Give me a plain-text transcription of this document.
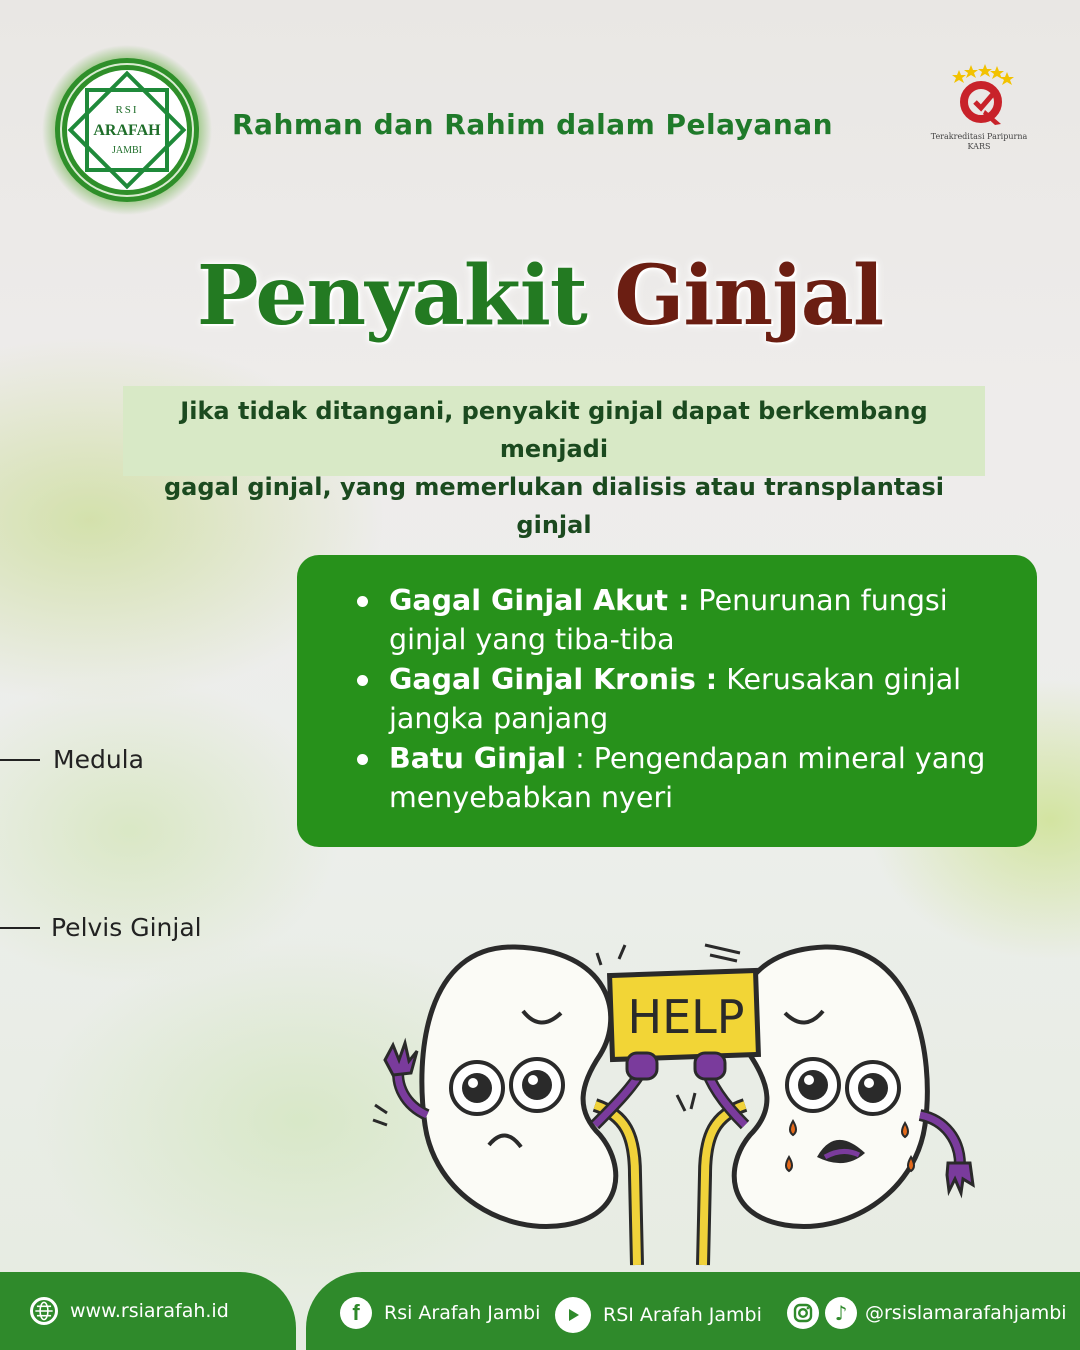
RSI
ARAFAH
JAMBI
Rahman dan Rahim dalam Pelayanan	Terakreditasi Paripurna
KARS
Penyakit Ginjal
Jika tidak ditangani, penyakit ginjal dapat berkembang menjadi
gagal ginjal, yang memerlukan dialisis atau transplantasi ginjal
Gagal Ginjal Akut : Penurunan fungsi ginjal yang tiba-tiba
Gagal Ginjal Kronis : Kerusakan ginjal jangka panjang
Batu Ginjal : Pengendapan mineral yang menyebabkan nyeri
Medula
Pelvis Ginjal
HELP
www.rsiarafah.id	f Rsi Arafah Jambi	RSI Arafah Jambi	♪ @rsislamarafahjambi
